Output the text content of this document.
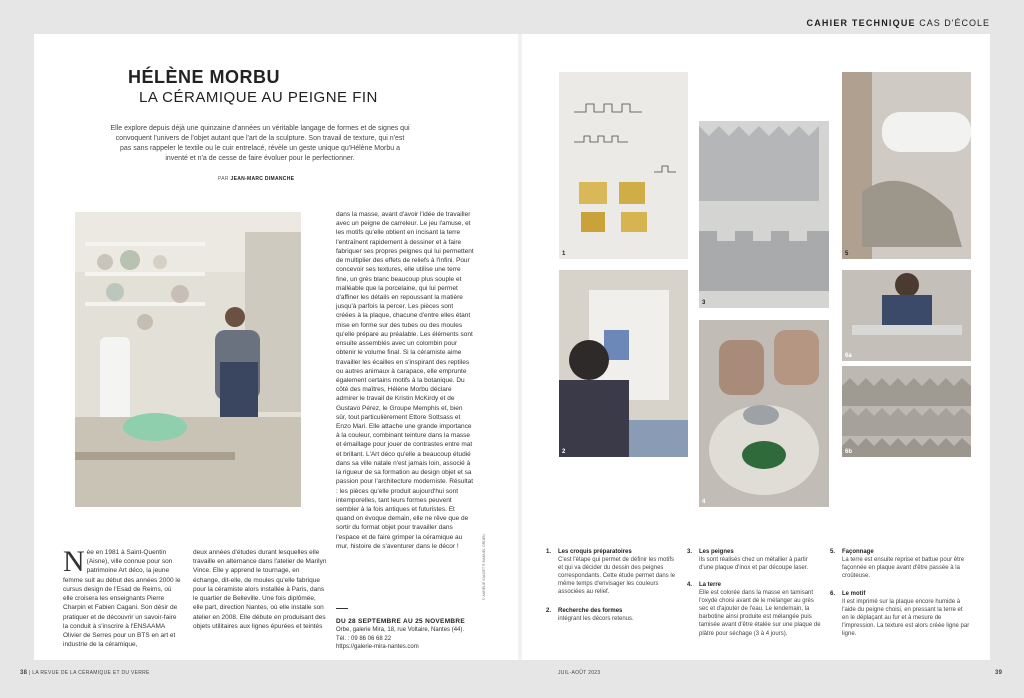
CAHIER TECHNIQUE CAS D'ÉCOLE
HÉLÈNE MORBU
LA CÉRAMIQUE AU PEIGNE FIN
Elle explore depuis déjà une quinzaine d'années un véritable langage de formes et de signes qui convoquent l'univers de l'objet autant que l'art de la sculpture. Son travail de texture, qui n'est pas sans rappeler le textile ou le cuir entrelacé, révèle un geste unique qu'Hélène Morbu a inventé et n'a de cesse de faire évoluer pour le perfectionner.
PAR JEAN-MARC DIMANCHE
1
3
5
2
4
6a
6b
Née en 1981 à Saint-Quentin (Aisne), ville connue pour son patrimoine Art déco, la jeune femme suit au début des années 2000 le cursus design de l'Esad de Reims, où elle croisera les enseignants Pierre Charpin et Fabien Cagani. Son désir de pratiquer et de découvrir un savoir-faire la conduit à s'inscrire à l'ENSAAMA Olivier de Serres pour un BTS en art et industrie de la céramique,
deux années d'études durant lesquelles elle travaille en alternance dans l'atelier de Marilyn Vince. Elle y apprend le tournage, en échange, dit-elle, de moules qu'elle fabrique pour la céramiste alors installée à Paris, dans le quartier de Belleville. Une fois diplômée, elle part, direction Nantes, où elle installe son atelier en 2008. Elle débute en produisant des objets utilitaires aux lignes épurées et teintés
dans la masse, avant d'avoir l'idée de travailler avec un peigne de carreleur. Le jeu l'amuse, et les motifs qu'elle obtient en incisant la terre l'entraînent rapidement à dessiner et à faire fabriquer ses propres peignes qui lui permettent de multiplier des effets de reliefs à l'infini. Pour concevoir ses textures, elle utilise une terre fine, un grès blanc beaucoup plus souple et malléable que la porcelaine, qui lui permet d'affiner les détails en repoussant la matière jusqu'à parfois la percer. Les pièces sont créées à la plaque, chacune d'entre elles étant mise en forme sur des tubes ou des moules qu'elle prépare au préalable. Les éléments sont ensuite assemblés avec un colombin pour obtenir le volume final. Si la céramiste aime travailler les écailles en s'inspirant des reptiles ou autres animaux à carapace, elle emprunte également certains motifs à la botanique. Du côté des maîtres, Hélène Morbu déclare admirer le travail de Kristin McKirdy et de Gustavo Pérez, le Groupe Memphis et, bien sûr, tout particulièrement Ettore Sottsass et Enzo Mari. Elle attache une grande importance à la couleur, combinant teinture dans la masse et émaillage pour jouer de contrastes entre mat et brillant. L'Art déco qu'elle a beaucoup étudié dans sa ville natale n'est jamais loin, associé à la rigueur de sa formation au design objet et sa passion pour l'architecture moderniste. Résultat : les pièces qu'elle produit aujourd'hui sont intemporelles, tant leurs formes peuvent sembler à la fois antiques et futuristes. Et quand on évoque demain, elle ne rêve que de sortir du format objet pour travailler dans l'espace et de faire grimper la céramique au mur, histoire de s'aventurer dans le décor !
DU 28 SEPTEMBRE AU 25 NOVEMBRE
Orbe, galerie Mira, 18, rue Voltaire, Nantes (44).
Tél. : 09 86 06 68 22
https://galerie-mira-nantes.com
© AURÉLIE SAUZET ® MANUEL ORDEN	1. Les croquis préparatoires
C'est l'étape qui permet de définir les motifs et qui va décider du dessin des peignes correspondants. Cette étude permet dans le même temps d'envisager les couleurs associées au relief.
2. Recherche des formes
intégrant les décors retenus.
3. Les peignes
Ils sont réalisés chez un métallier à partir d'une plaque d'inox et par découpe laser.
4. La terre
Elle est colorée dans la masse en tamisant l'oxyde choisi avant de le mélanger au grès sec et d'ajouter de l'eau. Le lendemain, la barbotine ainsi produite est mélangée puis tamisée avant d'être étalée sur une plaque de plâtre pour séchage (3 à 4 jours).
5. Façonnage
La terre est ensuite reprise et battue pour être façonnée en plaque avant d'être passée à la croûteuse.
6. Le motif
Il est imprimé sur la plaque encore humide à l'aide du peigne choisi, en pressant la terre et en le déplaçant au fur et à mesure de l'impression. La texture est alors créée ligne par ligne.
38 | LA REVUE DE LA CÉRAMIQUE ET DU VERRE	JUIL-AOÛT 2023	39
